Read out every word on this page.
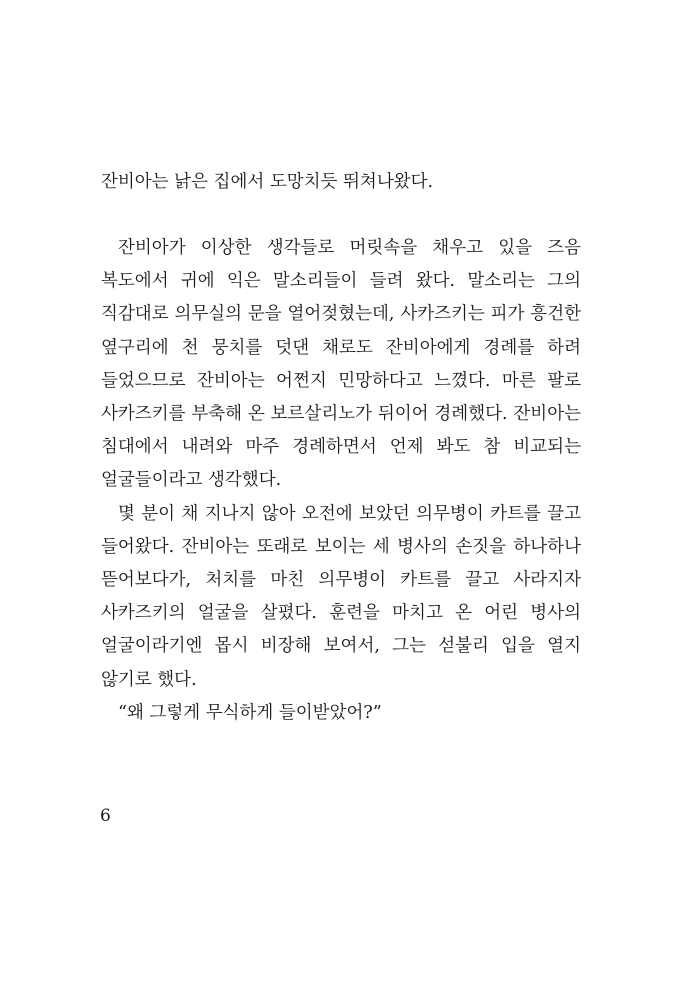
잔비아는 낡은 집에서 도망치듯 뛰쳐나왔다.

잔비아가 이상한 생각들로 머릿속을 채우고 있을 즈음 복도에서 귀에 익은 말소리들이 들려 왔다. 말소리는 그의 직감대로 의무실의 문을 열어젖혔는데, 사카즈키는 피가 흥건한 옆구리에 천 뭉치를 덧댄 채로도 잔비아에게 경례를 하려 들었으므로 잔비아는 어쩐지 민망하다고 느꼈다. 마른 팔로 사카즈키를 부축해 온 보르살리노가 뒤이어 경례했다. 잔비아는 침대에서 내려와 마주 경례하면서 언제 봐도 참 비교되는 얼굴들이라고 생각했다.

몇 분이 채 지나지 않아 오전에 보았던 의무병이 카트를 끌고 들어왔다. 잔비아는 또래로 보이는 세 병사의 손짓을 하나하나 뜯어보다가, 처치를 마친 의무병이 카트를 끌고 사라지자 사카즈키의 얼굴을 살폈다. 훈련을 마치고 온 어린 병사의 얼굴이라기엔 몹시 비장해 보여서, 그는 섣불리 입을 열지 않기로 했다.

“왜 그렇게 무식하게 들이받았어?”

6
